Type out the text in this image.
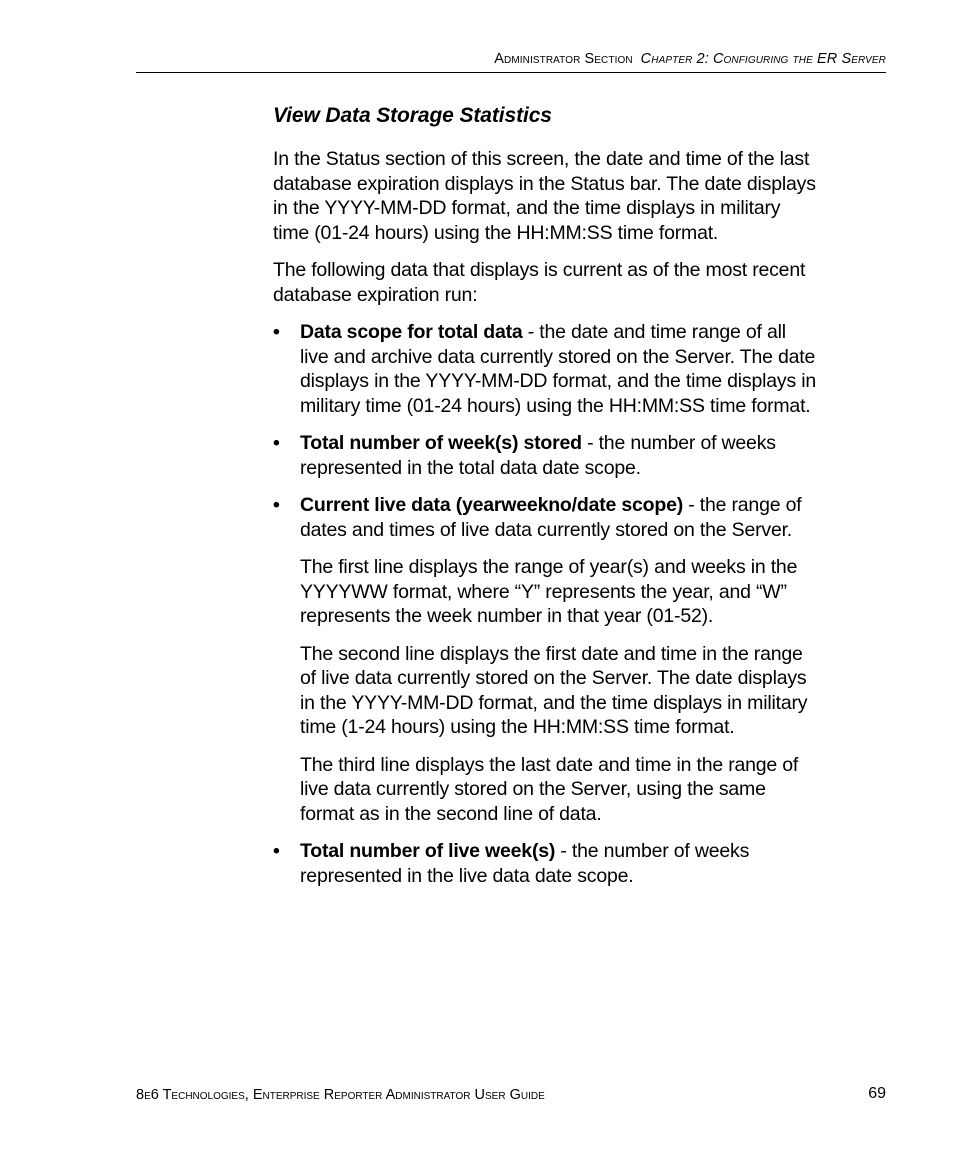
Administrator Section Chapter 2: Configuring the ER Server
View Data Storage Statistics

In the Status section of this screen, the date and time of the last database expiration displays in the Status bar. The date displays in the YYYY-MM-DD format, and the time displays in military time (01-24 hours) using the HH:MM:SS time format.

The following data that displays is current as of the most recent database expiration run:

• Data scope for total data - the date and time range of all live and archive data currently stored on the Server. The date displays in the YYYY-MM-DD format, and the time displays in military time (01-24 hours) using the HH:MM:SS time format.

• Total number of week(s) stored - the number of weeks represented in the total data date scope.

• Current live data (yearweekno/date scope) - the range of dates and times of live data currently stored on the Server.

The first line displays the range of year(s) and weeks in the YYYYWW format, where “Y” represents the year, and “W” represents the week number in that year (01-52).

The second line displays the first date and time in the range of live data currently stored on the Server. The date displays in the YYYY-MM-DD format, and the time displays in military time (1-24 hours) using the HH:MM:SS time format.

The third line displays the last date and time in the range of live data currently stored on the Server, using the same format as in the second line of data.

• Total number of live week(s) - the number of weeks represented in the live data date scope.

8e6 Technologies, Enterprise Reporter Administrator User Guide	69
